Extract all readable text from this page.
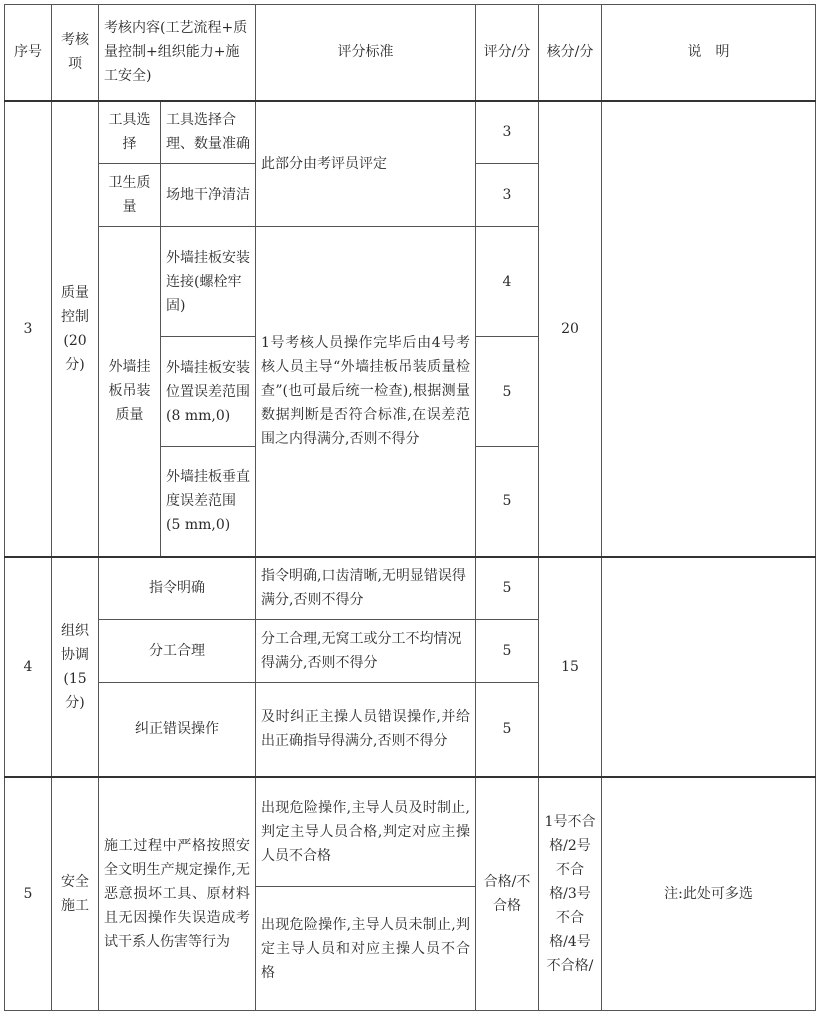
序号	考核项	考核内容(工艺流程+质量控制+组织能力+施工安全)		评分标准	评分/分	核分/分	说　明
3	质量控制(20分)	工具选择	工具选择合理、数量准确	此部分由考评员评定	3	20	
		卫生质量	场地干净清洁		3		
		外墙挂板吊装质量	外墙挂板安装连接(螺栓牢固)	1号考核人员操作完毕后由4号考核人员主导“外墙挂板吊装质量检查”(也可最后统一检查),根据测量数据判断是否符合标准,在误差范围之内得满分,否则不得分	4		
			外墙挂板安装位置误差范围(8 mm,0)		5		
			外墙挂板垂直度误差范围(5 mm,0)		5		
4	组织协调(15分)	指令明确		指令明确,口齿清晰,无明显错误得满分,否则不得分	5	15	
		分工合理		分工合理,无窝工或分工不均情况得满分,否则不得分	5		
		纠正错误操作		及时纠正主操人员错误操作,并给出正确指导得满分,否则不得分	5		
5	安全施工	施工过程中严格按照安全文明生产规定操作,无恶意损坏工具、原材料且无因操作失误造成考试干系人伤害等行为		出现危险操作,主导人员及时制止,判定主导人员合格,判定对应主操人员不合格	合格/不合格	1号不合格/2号不合格/3号不合格/4号不合格/	注:此处可多选
				出现危险操作,主导人员未制止,判定主导人员和对应主操人员不合格			
